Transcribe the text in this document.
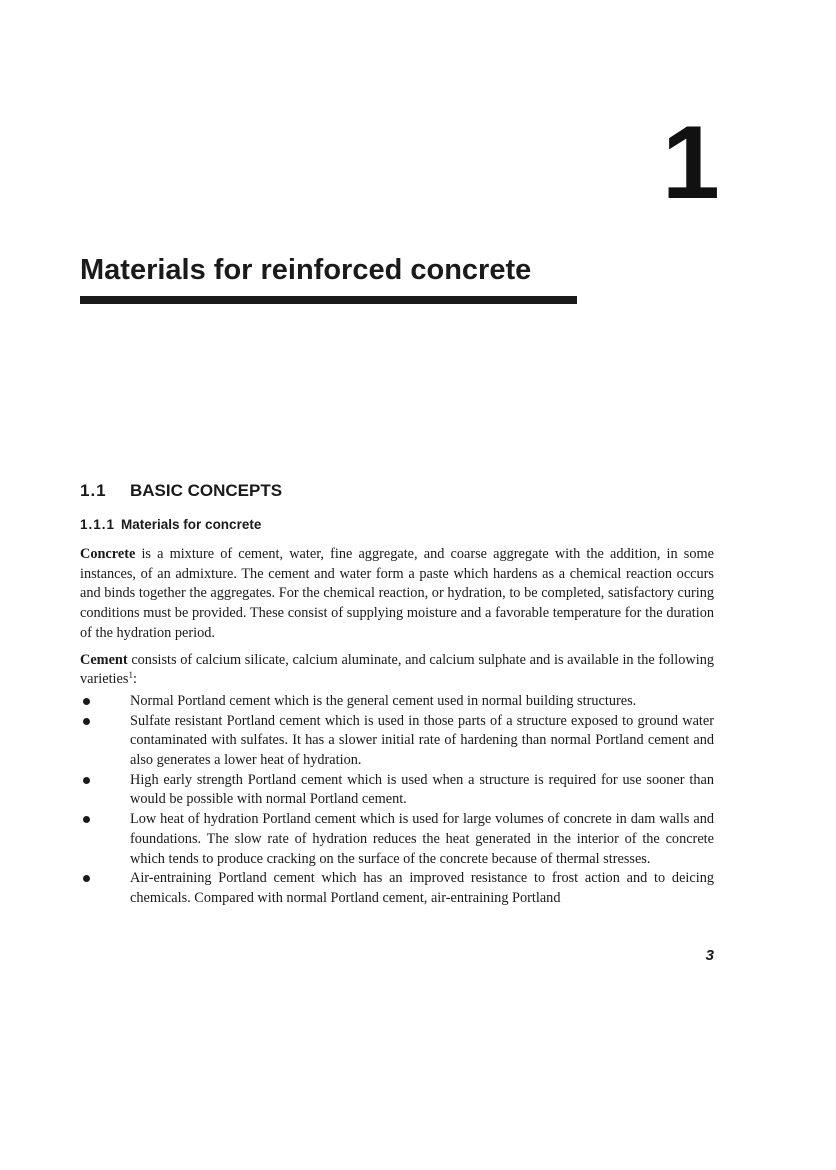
1
Materials for reinforced concrete
1.1 BASIC CONCEPTS
1.1.1 Materials for concrete

Concrete is a mixture of cement, water, fine aggregate, and coarse aggregate with the addition, in some instances, of an admixture. The cement and water form a paste which hardens as a chemical reaction occurs and binds together the aggregates. For the chemical reaction, or hydration, to be completed, satisfactory curing conditions must be provided. These consist of supplying moisture and a favorable temperature for the duration of the hydration period.

Cement consists of calcium silicate, calcium aluminate, and calcium sulphate and is available in the following varieties$^1$:

Normal Portland cement which is the general cement used in normal building structures.
Sulfate resistant Portland cement which is used in those parts of a structure exposed to ground water contaminated with sulfates. It has a slower initial rate of hardening than normal Portland cement and also generates a lower heat of hydration.
High early strength Portland cement which is used when a structure is required for use sooner than would be possible with normal Portland cement.
Low heat of hydration Portland cement which is used for large volumes of concrete in dam walls and foundations. The slow rate of hydration reduces the heat generated in the interior of the concrete which tends to produce cracking on the surface of the concrete because of thermal stresses.
Air-entraining Portland cement which has an improved resistance to frost action and to deicing chemicals. Compared with normal Portland cement, air-entraining Portland
3
